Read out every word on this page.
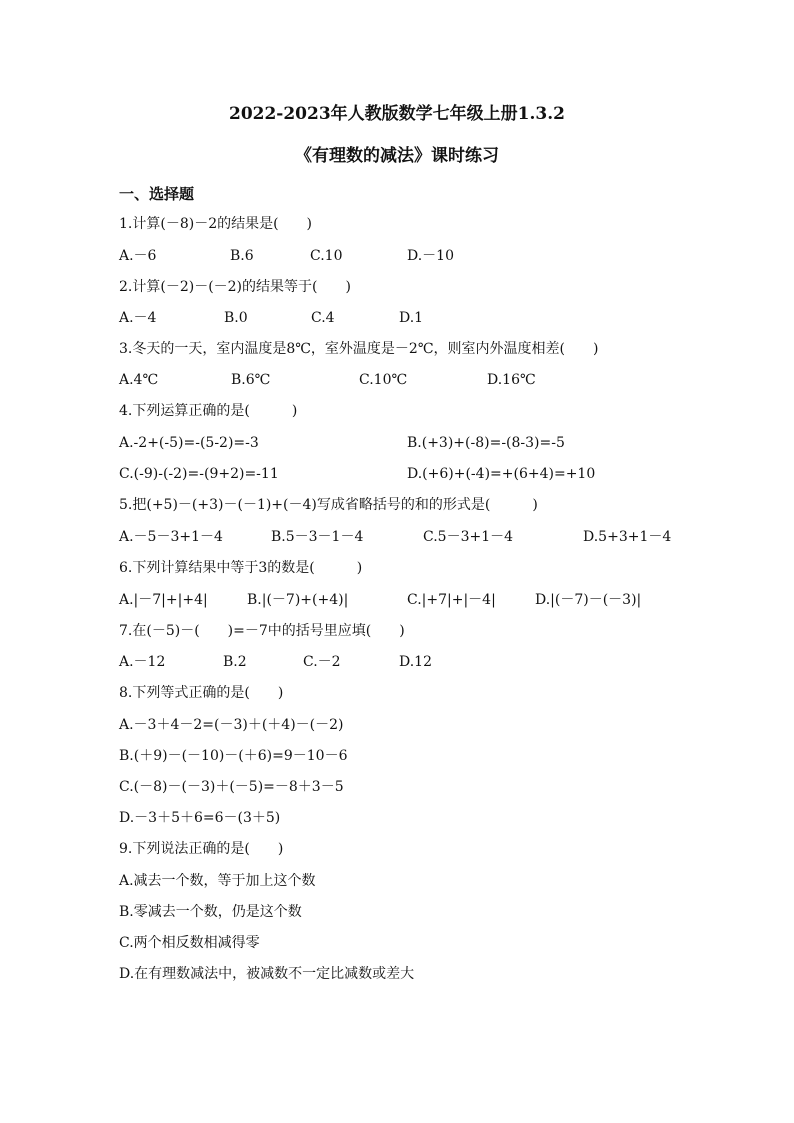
2022-2023年人教版数学七年级上册1.3.2
《有理数的减法》课时练习
一、选择题
1.计算(－8)－2的结果是(　　)
A.－6	B.6	C.10	D.－10
2.计算(－2)－(－2)的结果等于(　　)
A.－4	B.0	C.4	D.1
3.冬天的一天，室内温度是8℃，室外温度是－2℃，则室内外温度相差(　　)
A.4℃	B.6℃	C.10℃	D.16℃
4.下列运算正确的是(　　　)
A.-2+(-5)=-(5-2)=-3	B.(+3)+(-8)=-(8-3)=-5
C.(-9)-(-2)=-(9+2)=-11	D.(+6)+(-4)=+(6+4)=+10
5.把(+5)－(+3)－(－1)+(－4)写成省略括号的和的形式是(　　　)
A.－5－3+1－4	B.5－3－1－4	C.5－3+1－4	D.5+3+1－4
6.下列计算结果中等于3的数是(　　　)
A.|－7|+|+4|	B.|(－7)+(+4)|	C.|+7|+|－4|	D.|(－7)－(－3)|
7.在(－5)－(　　)=－7中的括号里应填(　　)
A.－12	B.2	C.－2	D.12
8.下列等式正确的是(　　)
A.－3＋4－2=(－3)＋(＋4)－(－2)
B.(＋9)－(－10)－(＋6)=9－10－6
C.(－8)－(－3)＋(－5)=－8＋3－5
D.－3＋5＋6=6－(3＋5)
9.下列说法正确的是(　　)
A.减去一个数，等于加上这个数
B.零减去一个数，仍是这个数
C.两个相反数相减得零
D.在有理数减法中，被减数不一定比减数或差大
